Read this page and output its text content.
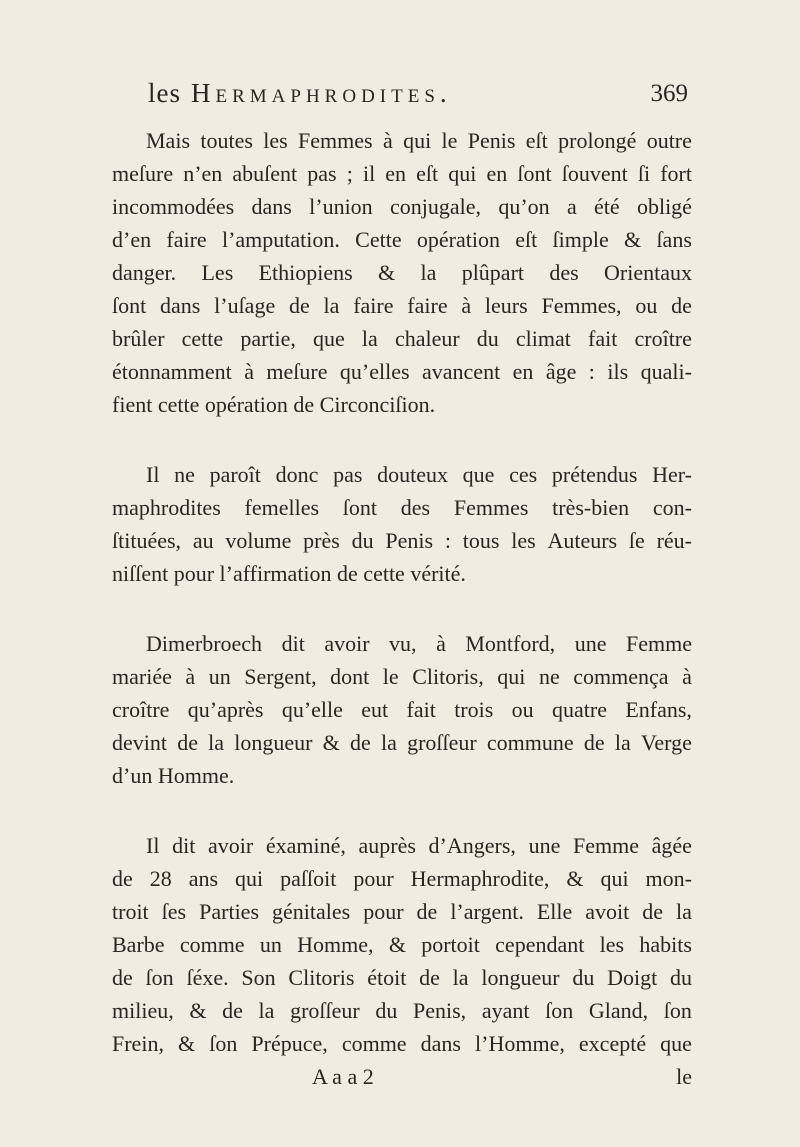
les Hermaphrodites.	369
Mais toutes les Femmes à qui le Penis eſt prolongé outre
meſure n’en abuſent pas ; il en eſt qui en ſont ſouvent ſi fort
incommodées dans l’union conjugale, qu’on a été obligé
d’en faire l’amputation. Cette opération eſt ſimple & ſans
danger. Les Ethiopiens & la plûpart des Orientaux
ſont dans l’uſage de la faire faire à leurs Femmes, ou de
brûler cette partie, que la chaleur du climat fait croître
étonnamment à meſure qu’elles avancent en âge : ils quali-
fient cette opération de Circonciſion.
Il ne paroît donc pas douteux que ces prétendus Her-
maphrodites femelles ſont des Femmes très-bien con-
ſtituées, au volume près du Penis : tous les Auteurs ſe réu-
niſſent pour l’affirmation de cette vérité.
Dimerbroech dit avoir vu, à Montford, une Femme
mariée à un Sergent, dont le Clitoris, qui ne commença à
croître qu’après qu’elle eut fait trois ou quatre Enfans,
devint de la longueur & de la groſſeur commune de la Verge
d’un Homme.
Il dit avoir éxaminé, auprès d’Angers, une Femme âgée
de 28 ans qui paſſoit pour Hermaphrodite, & qui mon-
troit ſes Parties génitales pour de l’argent. Elle avoit de la
Barbe comme un Homme, & portoit cependant les habits
de ſon ſéxe. Son Clitoris étoit de la longueur du Doigt du
milieu, & de la groſſeur du Penis, ayant ſon Gland, ſon
Frein, & ſon Prépuce, comme dans l’Homme, excepté que
A a a 2	le
